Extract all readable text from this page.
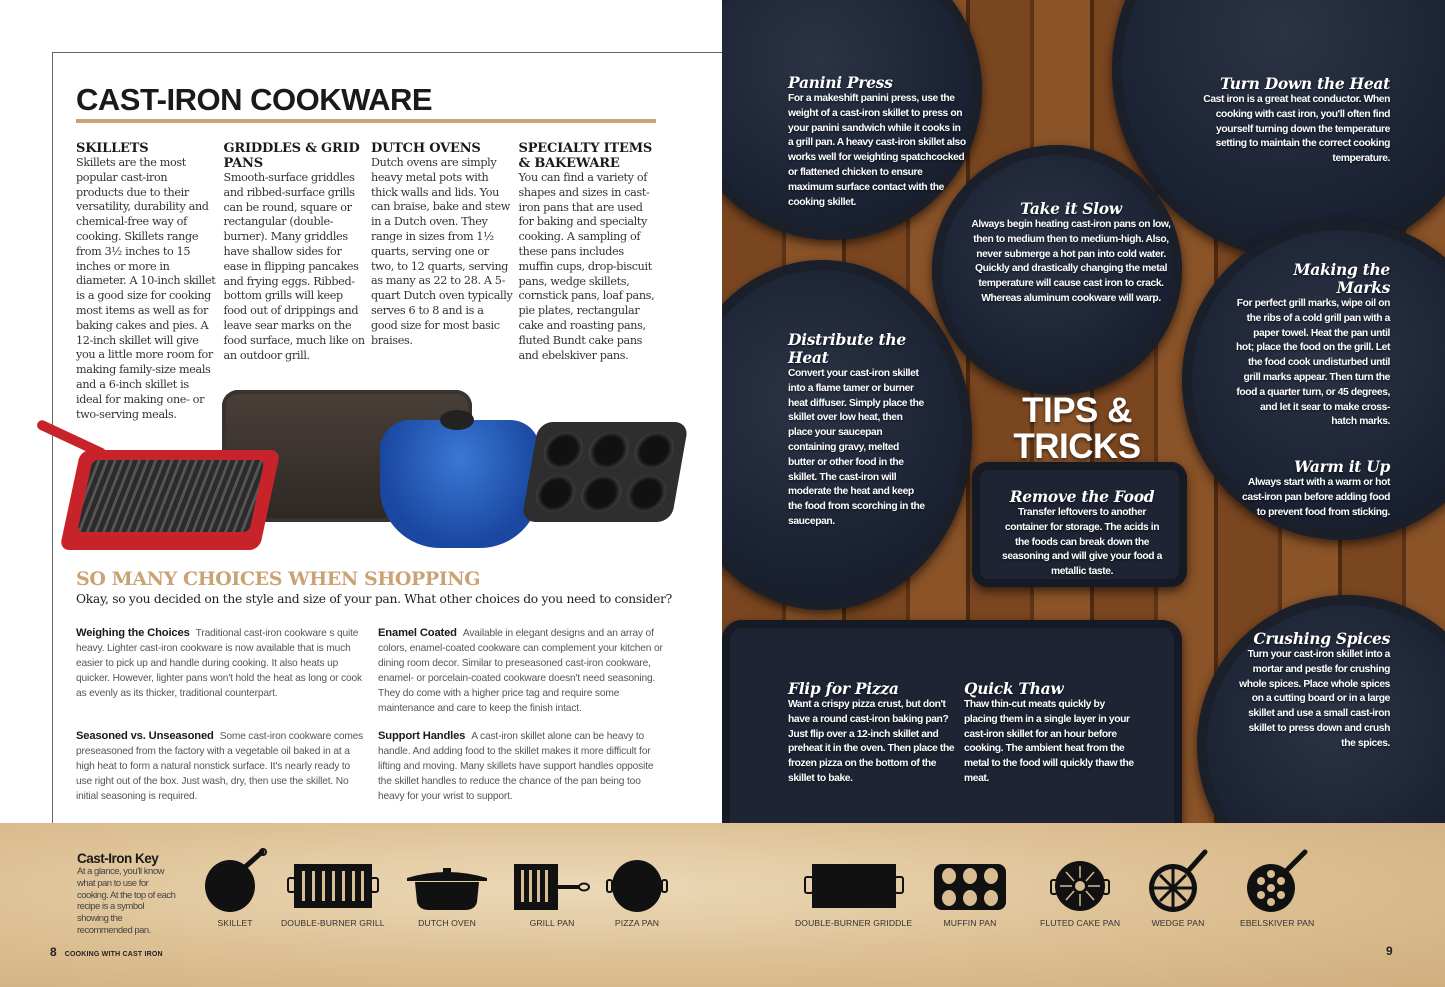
CAST-IRON COOKWARE
SKILLETS

Skillets are the most popular cast-iron products due to their versatility, durability and chemical-free way of cooking. Skillets range from 3½ inches to 15 inches or more in diameter. A 10-inch skillet is a good size for cooking most items as well as for baking cakes and pies. A 12-inch skillet will give you a little more room for making family-size meals and a 6-inch skillet is ideal for making one- or two-serving meals.

GRIDDLES & GRID PANS

Smooth-surface griddles and ribbed-surface grills can be round, square or rectangular (double-burner). Many griddles have shallow sides for ease in flipping pancakes and frying eggs. Ribbed-bottom grills will keep food out of drippings and leave sear marks on the food surface, much like on an outdoor grill.

DUTCH OVENS

Dutch ovens are simply heavy metal pots with thick walls and lids. You can braise, bake and stew in a Dutch oven. They range in sizes from 1½ quarts, serving one or two, to 12 quarts, serving as many as 22 to 28. A 5-quart Dutch oven typically serves 6 to 8 and is a good size for most basic braises.

SPECIALTY ITEMS & BAKEWARE

You can find a variety of shapes and sizes in cast-iron pans that are used for baking and specialty cooking. A sampling of these pans includes muffin cups, drop-biscuit pans, wedge skillets, cornstick pans, loaf pans, pie plates, rectangular cake and roasting pans, fluted Bundt cake pans and ebelskiver pans.

SO MANY CHOICES WHEN SHOPPING

Okay, so you decided on the style and size of your pan. What other choices do you need to consider?

Weighing the Choices Traditional cast-iron cookware s quite heavy. Lighter cast-iron cookware is now available that is much easier to pick up and handle during cooking. It also heats up quicker. However, lighter pans won't hold the heat as long or cook as evenly as its thicker, traditional counterpart.

Enamel Coated Available in elegant designs and an array of colors, enamel-coated cookware can complement your kitchen or dining room decor. Similar to preseasoned cast-iron cookware, enamel- or porcelain-coated cookware doesn't need seasoning. They do come with a higher price tag and require some maintenance and care to keep the finish intact.

Seasoned vs. Unseasoned Some cast-iron cookware comes preseasoned from the factory with a vegetable oil baked in at a high heat to form a natural nonstick surface. It's nearly ready to use right out of the box. Just wash, dry, then use the skillet. No initial seasoning is required.

Support Handles A cast-iron skillet alone can be heavy to handle. And adding food to the skillet makes it more difficult for lifting and moving. Many skillets have support handles opposite the skillet handles to reduce the chance of the pan being too heavy for your wrist to support.

Panini Press

For a makeshift panini press, use the weight of a cast-iron skillet to press on your panini sandwich while it cooks in a grill pan. A heavy cast-iron skillet also works well for weighting spatchcocked or flattened chicken to ensure maximum surface contact with the cooking skillet.

Turn Down the Heat

Cast iron is a great heat conductor. When cooking with cast iron, you'll often find yourself turning down the temperature setting to maintain the correct cooking temperature.

Take it Slow

Always begin heating cast-iron pans on low, then to medium then to medium-high. Also, never submerge a hot pan into cold water. Quickly and drastically changing the metal temperature will cause cast iron to crack. Whereas aluminum cookware will warp.

Making the Marks

For perfect grill marks, wipe oil on the ribs of a cold grill pan with a paper towel. Heat the pan until hot; place the food on the grill. Let the food cook undisturbed until grill marks appear. Then turn the food a quarter turn, or 45 degrees, and let it sear to make cross- hatch marks.

Distribute the Heat

Convert your cast-iron skillet into a flame tamer or burner heat diffuser. Simply place the skillet over low heat, then place your saucepan containing gravy, melted butter or other food in the skillet. The cast-iron will moderate the heat and keep the food from scorching in the saucepan.

Warm it Up

Always start with a warm or hot cast-iron pan before adding food to prevent food from sticking.

TIPS & TRICKS
Remove the Food

Transfer leftovers to another container for storage. The acids in the foods can break down the seasoning and will give your food a metallic taste.

Flip for Pizza

Want a crispy pizza crust, but don't have a round cast-iron baking pan? Just flip over a 12-inch skillet and preheat it in the oven. Then place the frozen pizza on the bottom of the skillet to bake.

Quick Thaw

Thaw thin-cut meats quickly by placing them in a single layer in your cast-iron skillet for an hour before cooking. The ambient heat from the metal to the food will quickly thaw the meat.

Crushing Spices

Turn your cast-iron skillet into a mortar and pestle for crushing whole spices. Place whole spices on a cutting board or in a large skillet and use a small cast-iron skillet to press down and crush the spices.

Cast-Iron Key
At a glance, you'll know what pan to use for cooking. At the top of each recipe is a symbol showing the recommended pan.
SKILLET	DOUBLE-BURNER GRILL	DUTCH OVEN	GRILL PAN	PIZZA PAN	DOUBLE-BURNER GRIDDLE	MUFFIN PAN	FLUTED CAKE PAN	WEDGE PAN	EBELSKIVER PAN
8 COOKING WITH CAST IRON	9
